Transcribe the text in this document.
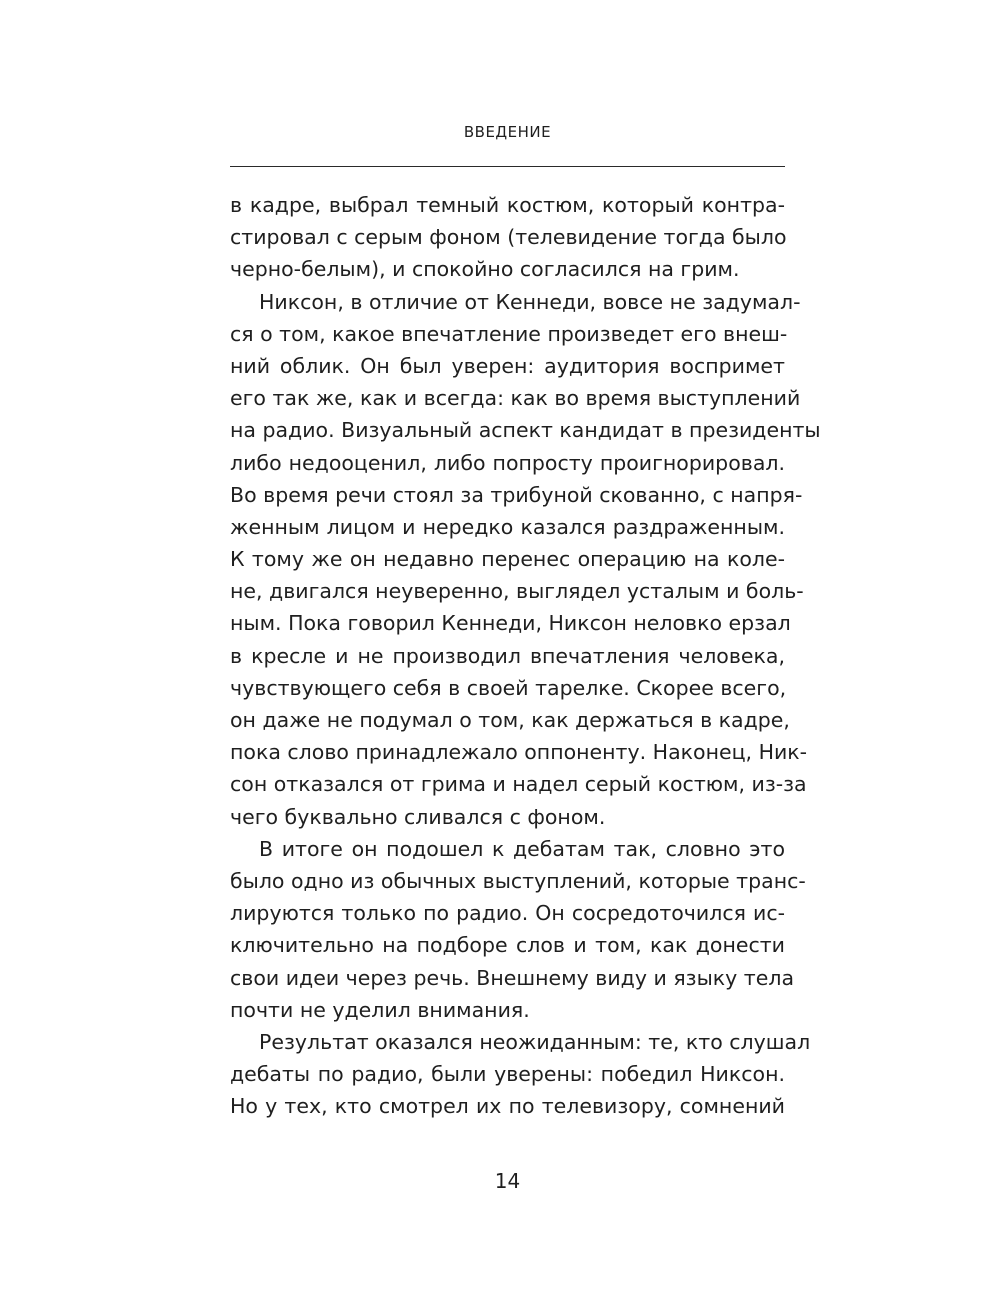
ВВЕДЕНИЕ
в кадре, выбрал темный костюм, который контра-
стировал с серым фоном (телевидение тогда было
черно-белым), и спокойно согласился на грим.
Никсон, в отличие от Кеннеди, вовсе не задумал-
ся о том, какое впечатление произведет его внеш-
ний облик. Он был уверен: аудитория воспримет
его так же, как и всегда: как во время выступлений
на радио. Визуальный аспект кандидат в президенты
либо недооценил, либо попросту проигнорировал.
Во время речи стоял за трибуной скованно, с напря-
женным лицом и нередко казался раздраженным.
К тому же он недавно перенес операцию на коле-
не, двигался неуверенно, выглядел усталым и боль-
ным. Пока говорил Кеннеди, Никсон неловко ерзал
в кресле и не производил впечатления человека,
чувствующего себя в своей тарелке. Скорее всего,
он даже не подумал о том, как держаться в кадре,
пока слово принадлежало оппоненту. Наконец, Ник-
сон отказался от грима и надел серый костюм, из-за
чего буквально сливался с фоном.
В итоге он подошел к дебатам так, словно это
было одно из обычных выступлений, которые транс-
лируются только по радио. Он сосредоточился ис-
ключительно на подборе слов и том, как донести
свои идеи через речь. Внешнему виду и языку тела
почти не уделил внимания.
Результат оказался неожиданным: те, кто слушал
дебаты по радио, были уверены: победил Никсон.
Но у тех, кто смотрел их по телевизору, сомнений
14
